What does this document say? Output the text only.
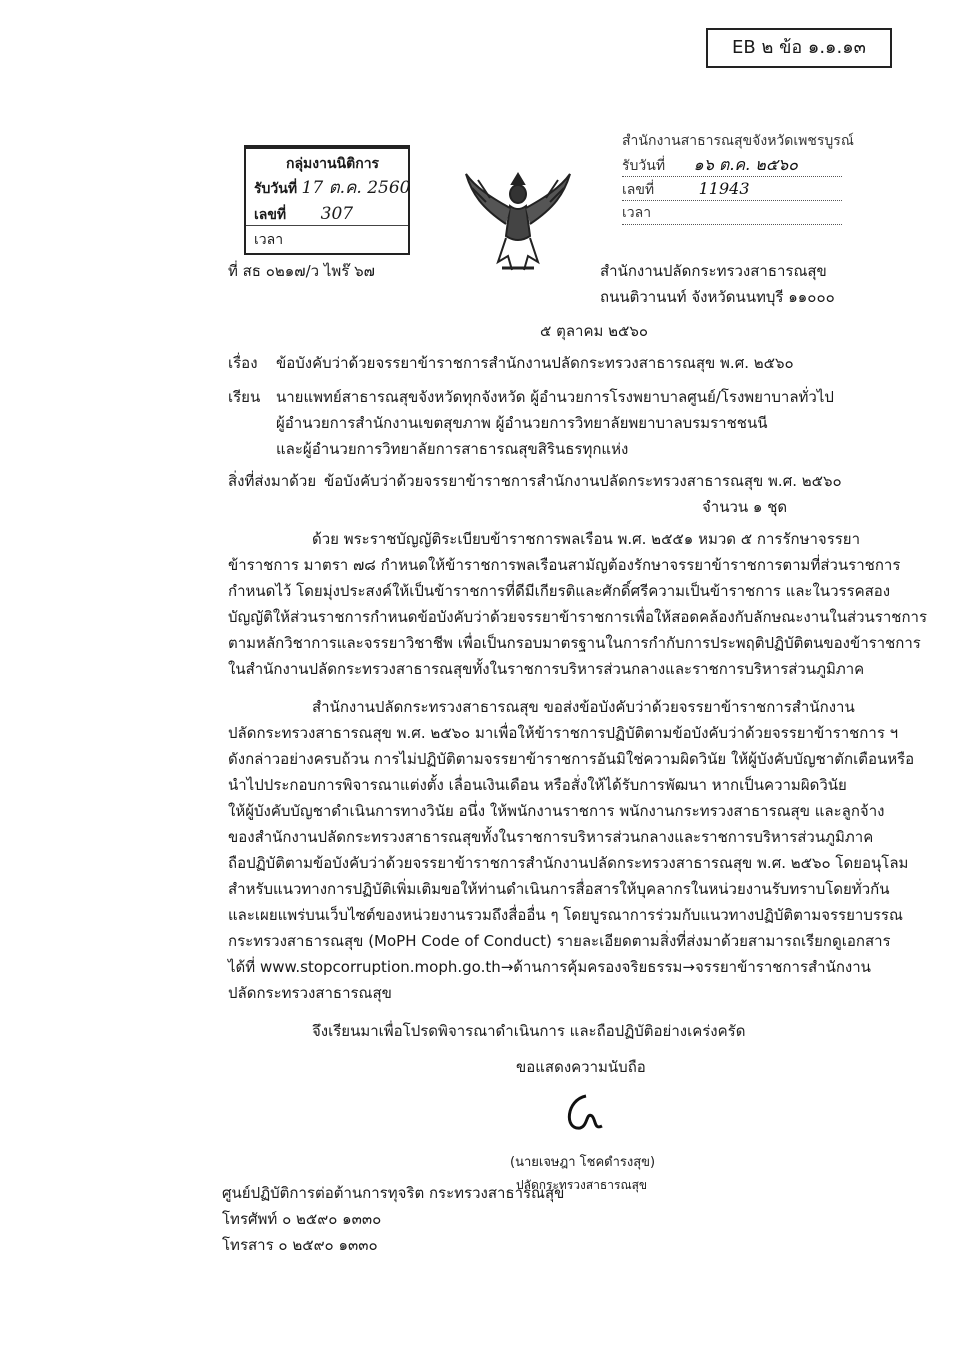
EB ๒ ข้อ ๑.๑.๑๓
กลุ่มงานนิติการ
รับวันที่ 17 ต.ค. 2560
เลขที่ 307
เวลา
สำนักงานสาธารณสุขจังหวัดเพชรบูรณ์
รับวันที่ ๑๖ ต.ค. ๒๕๖๐
เลขที่	11943
เวลา
ที่ สธ ๐๒๑๗/ว ไพร๊ ๖๗	สำนักงานปลัดกระทรวงสาธารณสุข
ถนนติวานนท์ จังหวัดนนทบุรี ๑๑๐๐๐
๕ ตุลาคม ๒๕๖๐
เรื่อง ข้อบังคับว่าด้วยจรรยาข้าราชการสำนักงานปลัดกระทรวงสาธารณสุข พ.ศ. ๒๕๖๐
เรียน นายแพทย์สาธารณสุขจังหวัดทุกจังหวัด ผู้อำนวยการโรงพยาบาลศูนย์/โรงพยาบาลทั่วไป
ผู้อำนวยการสำนักงานเขตสุขภาพ ผู้อำนวยการวิทยาลัยพยาบาลบรมราชชนนี
และผู้อำนวยการวิทยาลัยการสาธารณสุขสิรินธรทุกแห่ง
สิ่งที่ส่งมาด้วย ข้อบังคับว่าด้วยจรรยาข้าราชการสำนักงานปลัดกระทรวงสาธารณสุข พ.ศ. ๒๕๖๐
จำนวน ๑ ชุด
ด้วย พระราชบัญญัติระเบียบข้าราชการพลเรือน พ.ศ. ๒๕๕๑ หมวด ๕ การรักษาจรรยา
ข้าราชการ มาตรา ๗๘ กำหนดให้ข้าราชการพลเรือนสามัญต้องรักษาจรรยาข้าราชการตามที่ส่วนราชการ
กำหนดไว้ โดยมุ่งประสงค์ให้เป็นข้าราชการที่ดีมีเกียรติและศักดิ์ศรีความเป็นข้าราชการ และในวรรคสอง
บัญญัติให้ส่วนราชการกำหนดข้อบังคับว่าด้วยจรรยาข้าราชการเพื่อให้สอดคล้องกับลักษณะงานในส่วนราชการ
ตามหลักวิชาการและจรรยาวิชาชีพ เพื่อเป็นกรอบมาตรฐานในการกำกับการประพฤติปฏิบัติตนของข้าราชการ
ในสำนักงานปลัดกระทรวงสาธารณสุขทั้งในราชการบริหารส่วนกลางและราชการบริหารส่วนภูมิภาค
สำนักงานปลัดกระทรวงสาธารณสุข ขอส่งข้อบังคับว่าด้วยจรรยาข้าราชการสำนักงาน
ปลัดกระทรวงสาธารณสุข พ.ศ. ๒๕๖๐ มาเพื่อให้ข้าราชการปฏิบัติตามข้อบังคับว่าด้วยจรรยาข้าราชการ ฯ
ดังกล่าวอย่างครบถ้วน การไม่ปฏิบัติตามจรรยาข้าราชการอันมิใช่ความผิดวินัย ให้ผู้บังคับบัญชาตักเตือนหรือ
นำไปประกอบการพิจารณาแต่งตั้ง เลื่อนเงินเดือน หรือสั่งให้ได้รับการพัฒนา หากเป็นความผิดวินัย
ให้ผู้บังคับบัญชาดำเนินการทางวินัย อนึ่ง ให้พนักงานราชการ พนักงานกระทรวงสาธารณสุข และลูกจ้าง
ของสำนักงานปลัดกระทรวงสาธารณสุขทั้งในราชการบริหารส่วนกลางและราชการบริหารส่วนภูมิภาค
ถือปฏิบัติตามข้อบังคับว่าด้วยจรรยาข้าราชการสำนักงานปลัดกระทรวงสาธารณสุข พ.ศ. ๒๕๖๐ โดยอนุโลม
สำหรับแนวทางการปฏิบัติเพิ่มเติมขอให้ท่านดำเนินการสื่อสารให้บุคลากรในหน่วยงานรับทราบโดยทั่วกัน
และเผยแพร่บนเว็บไซต์ของหน่วยงานรวมถึงสื่ออื่น ๆ โดยบูรณาการร่วมกับแนวทางปฏิบัติตามจรรยาบรรณ
กระทรวงสาธารณสุข (MoPH Code of Conduct) รายละเอียดตามสิ่งที่ส่งมาด้วยสามารถเรียกดูเอกสาร
ได้ที่ www.stopcorruption.moph.go.th→ด้านการคุ้มครองจริยธรรม→จรรยาข้าราชการสำนักงาน
ปลัดกระทรวงสาธารณสุข
จึงเรียนมาเพื่อโปรดพิจารณาดำเนินการ และถือปฏิบัติอย่างเคร่งครัด
ขอแสดงความนับถือ
(นายเจษฎา โชคดำรงสุข)
ปลัดกระทรวงสาธารณสุข
ศูนย์ปฏิบัติการต่อต้านการทุจริต กระทรวงสาธารณสุข
โทรศัพท์ ๐ ๒๕๙๐ ๑๓๓๐
โทรสาร ๐ ๒๕๙๐ ๑๓๓๐
